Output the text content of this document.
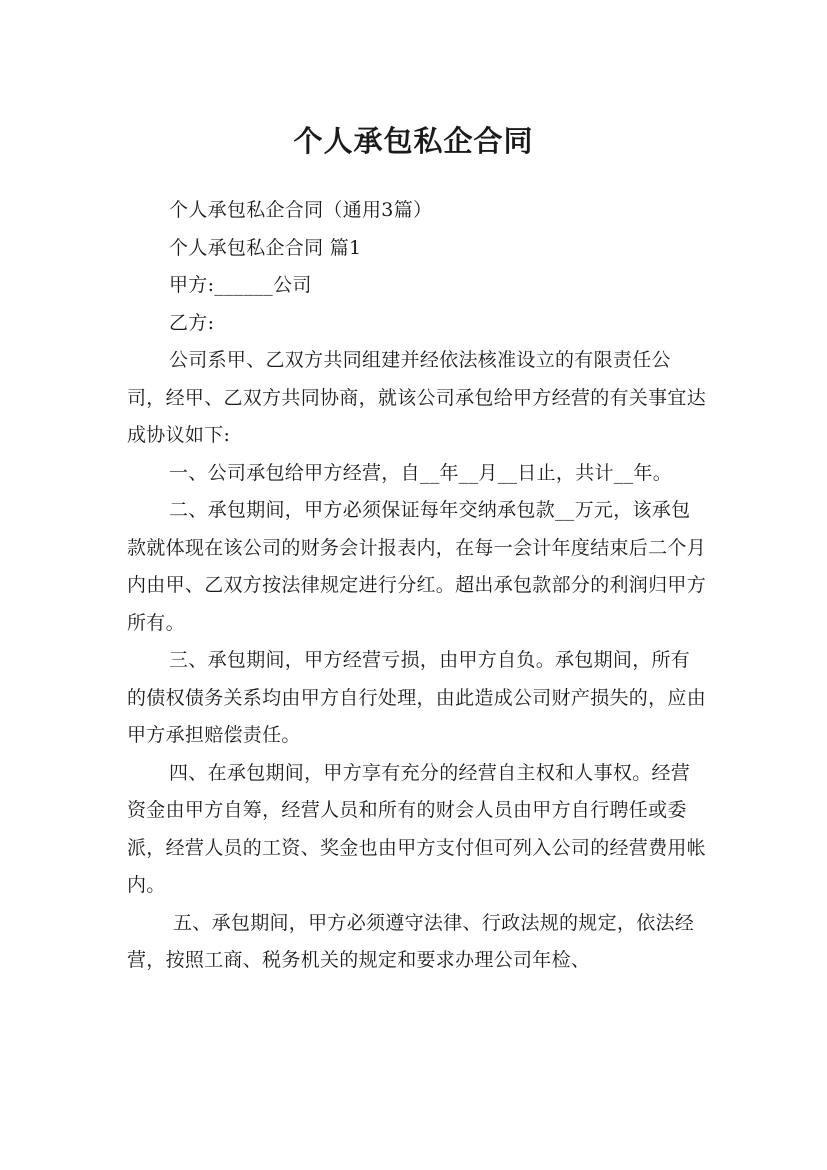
个人承包私企合同

个人承包私企合同（通用3篇）

个人承包私企合同 篇1

甲方:______公司

乙方:

公司系甲、乙双方共同组建并经依法核准设立的有限责任公司，经甲、乙双方共同协商，就该公司承包给甲方经营的有关事宜达成协议如下:

一、公司承包给甲方经营，自__年__月__日止，共计__年。

二、承包期间，甲方必须保证每年交纳承包款__万元，该承包款就体现在该公司的财务会计报表内，在每一会计年度结束后二个月内由甲、乙双方按法律规定进行分红。超出承包款部分的利润归甲方所有。

三、承包期间，甲方经营亏损，由甲方自负。承包期间，所有的债权债务关系均由甲方自行处理，由此造成公司财产损失的，应由甲方承担赔偿责任。

四、在承包期间，甲方享有充分的经营自主权和人事权。经营资金由甲方自筹，经营人员和所有的财会人员由甲方自行聘任或委派，经营人员的工资、奖金也由甲方支付但可列入公司的经营费用帐内。

五、承包期间，甲方必须遵守法律、行政法规的规定，依法经营，按照工商、税务机关的规定和要求办理公司年检、
